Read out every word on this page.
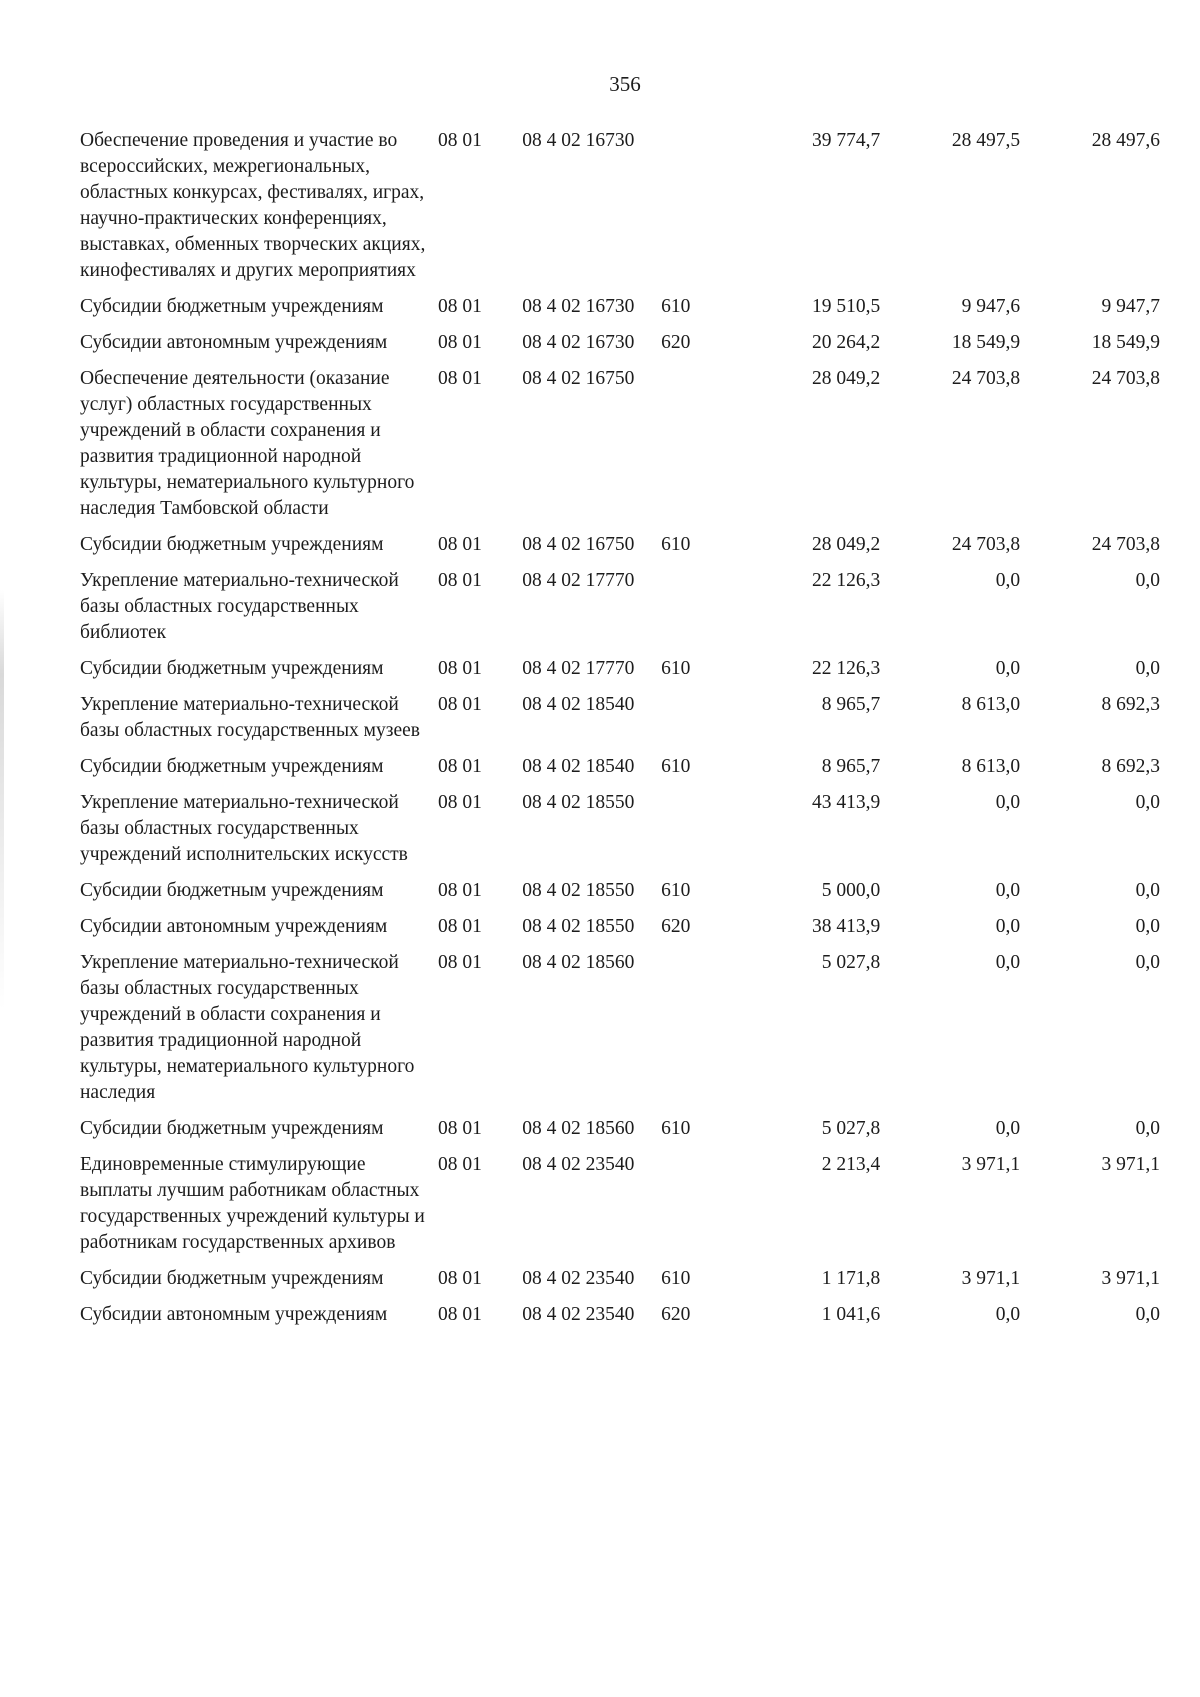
356
Обеспечение проведения и участие во всероссийских, межрегиональных, областных конкурсах, фестивалях, играх, научно-практических конференциях, выставках, обменных творческих акциях, кинофестивалях и других мероприятиях	08 01	08 4 02 16730		39 774,7	28 497,5	28 497,6
Субсидии бюджетным учреждениям	08 01	08 4 02 16730	610	19 510,5	9 947,6	9 947,7
Субсидии автономным учреждениям	08 01	08 4 02 16730	620	20 264,2	18 549,9	18 549,9
Обеспечение деятельности (оказание услуг) областных государственных учреждений в области сохранения и развития традиционной народной культуры, нематериального культурного наследия Тамбовской области	08 01	08 4 02 16750		28 049,2	24 703,8	24 703,8
Субсидии бюджетным учреждениям	08 01	08 4 02 16750	610	28 049,2	24 703,8	24 703,8
Укрепление материально-технической базы областных государственных библиотек	08 01	08 4 02 17770		22 126,3	0,0	0,0
Субсидии бюджетным учреждениям	08 01	08 4 02 17770	610	22 126,3	0,0	0,0
Укрепление материально-технической базы областных государственных музеев	08 01	08 4 02 18540		8 965,7	8 613,0	8 692,3
Субсидии бюджетным учреждениям	08 01	08 4 02 18540	610	8 965,7	8 613,0	8 692,3
Укрепление материально-технической базы областных государственных учреждений исполнительских искусств	08 01	08 4 02 18550		43 413,9	0,0	0,0
Субсидии бюджетным учреждениям	08 01	08 4 02 18550	610	5 000,0	0,0	0,0
Субсидии автономным учреждениям	08 01	08 4 02 18550	620	38 413,9	0,0	0,0
Укрепление материально-технической базы областных государственных учреждений в области сохранения и развития традиционной народной культуры, нематериального культурного наследия	08 01	08 4 02 18560		5 027,8	0,0	0,0
Субсидии бюджетным учреждениям	08 01	08 4 02 18560	610	5 027,8	0,0	0,0
Единовременные стимулирующие выплаты лучшим работникам областных государственных учреждений культуры и работникам государственных архивов	08 01	08 4 02 23540		2 213,4	3 971,1	3 971,1
Субсидии бюджетным учреждениям	08 01	08 4 02 23540	610	1 171,8	3 971,1	3 971,1
Субсидии автономным учреждениям	08 01	08 4 02 23540	620	1 041,6	0,0	0,0
